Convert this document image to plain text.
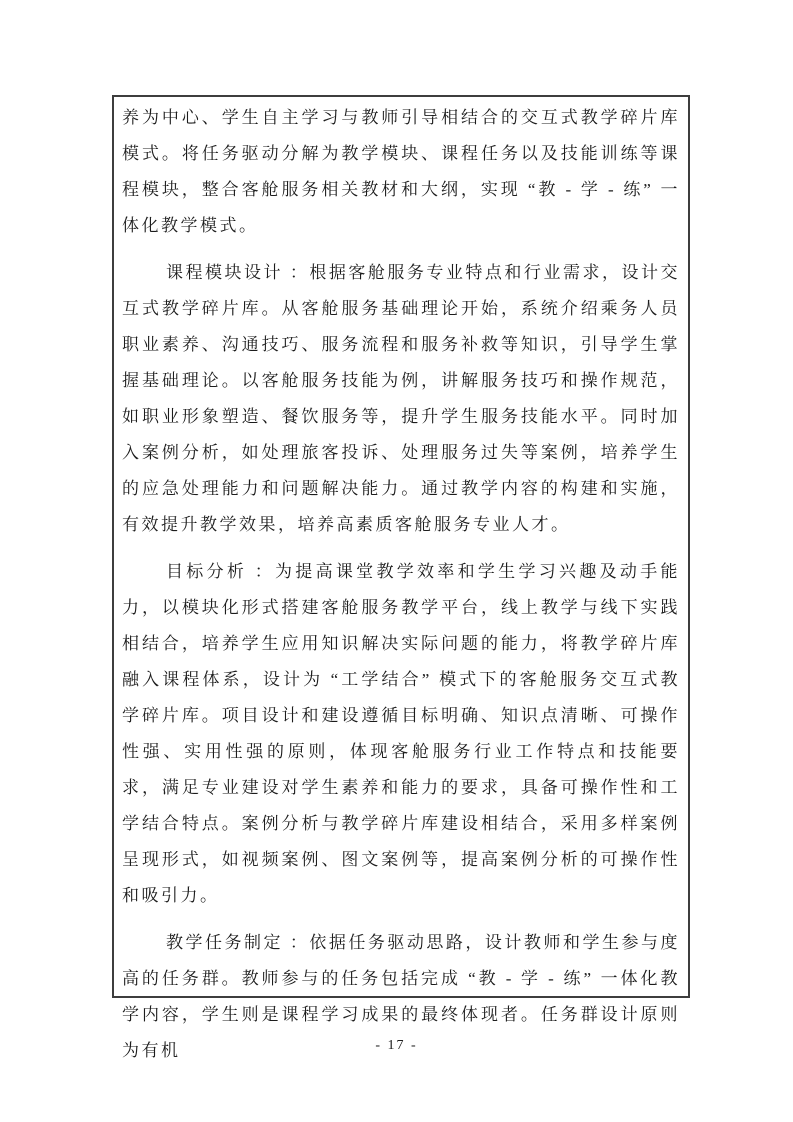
养为中心、学生自主学习与教师引导相结合的交互式教学碎片库模式。将任务驱动分解为教学模块、课程任务以及技能训练等课程模块，整合客舱服务相关教材和大纲，实现 “教 - 学 - 练” 一体化教学模式。

课程模块设计 ：根据客舱服务专业特点和行业需求，设计交互式教学碎片库。从客舱服务基础理论开始，系统介绍乘务人员职业素养、沟通技巧、服务流程和服务补救等知识，引导学生掌握基础理论。以客舱服务技能为例，讲解服务技巧和操作规范，如职业形象塑造、餐饮服务等，提升学生服务技能水平。同时加入案例分析，如处理旅客投诉、处理服务过失等案例，培养学生的应急处理能力和问题解决能力。通过教学内容的构建和实施，有效提升教学效果，培养高素质客舱服务专业人才。

目标分析 ：为提高课堂教学效率和学生学习兴趣及动手能力，以模块化形式搭建客舱服务教学平台，线上教学与线下实践相结合，培养学生应用知识解决实际问题的能力，将教学碎片库融入课程体系，设计为 “工学结合” 模式下的客舱服务交互式教学碎片库。项目设计和建设遵循目标明确、知识点清晰、可操作性强、实用性强的原则，体现客舱服务行业工作特点和技能要求，满足专业建设对学生素养和能力的要求，具备可操作性和工学结合特点。案例分析与教学碎片库建设相结合，采用多样案例呈现形式，如视频案例、图文案例等，提高案例分析的可操作性和吸引力。

教学任务制定 ：依据任务驱动思路，设计教师和学生参与度高的任务群。教师参与的任务包括完成 “教 - 学 - 练” 一体化教学内容，学生则是课程学习成果的最终体现者。任务群设计原则为有机	- 17 -
